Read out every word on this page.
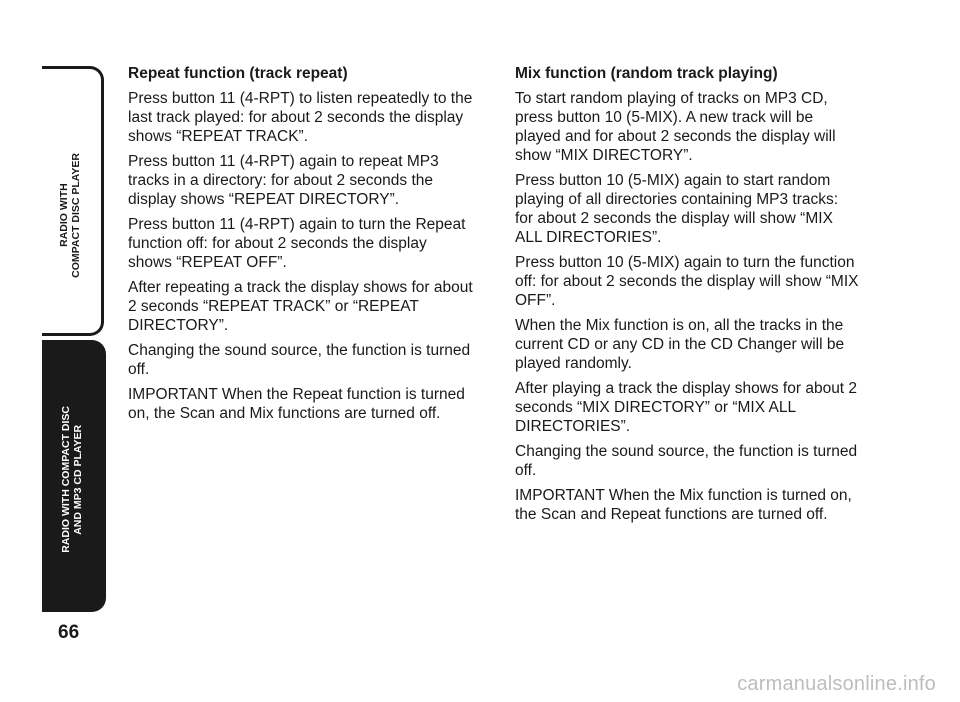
RADIO WITH COMPACT DISC PLAYER
RADIO WITH COMPACT DISC AND MP3 CD PLAYER
66
Repeat function (track repeat)

Press button 11 (4-RPT) to listen repeatedly to the last track played: for about 2 seconds the display shows “REPEAT TRACK”.

Press button 11 (4-RPT) again to repeat MP3 tracks in a directory: for about 2 seconds the display shows “REPEAT DIRECTORY”.

Press button 11 (4-RPT) again to turn the Repeat function off: for about 2 seconds the display shows “REPEAT OFF”.

After repeating a track the display shows for about 2 seconds “REPEAT TRACK” or “REPEAT DIRECTORY”.

Changing the sound source, the function is turned off.

IMPORTANT When the Repeat function is turned on, the Scan and Mix functions are turned off.

Mix function (random track playing)

To start random playing of tracks on MP3 CD, press button 10 (5-MIX). A new track will be played and for about 2 seconds the display will show “MIX DIRECTORY”.

Press button 10 (5-MIX) again to start random playing of all directories containing MP3 tracks: for about 2 seconds the display will show “MIX ALL DIRECTORIES”.

Press button 10 (5-MIX) again to turn the function off: for about 2 seconds the display will show “MIX OFF”.

When the Mix function is on, all the tracks in the current CD or any CD in the CD Changer will be played randomly.

After playing a track the display shows for about 2 seconds “MIX DIRECTORY” or “MIX ALL DIRECTORIES”.

Changing the sound source, the function is turned off.

IMPORTANT When the Mix function is turned on, the Scan and Repeat functions are turned off.

carmanualsonline.info
